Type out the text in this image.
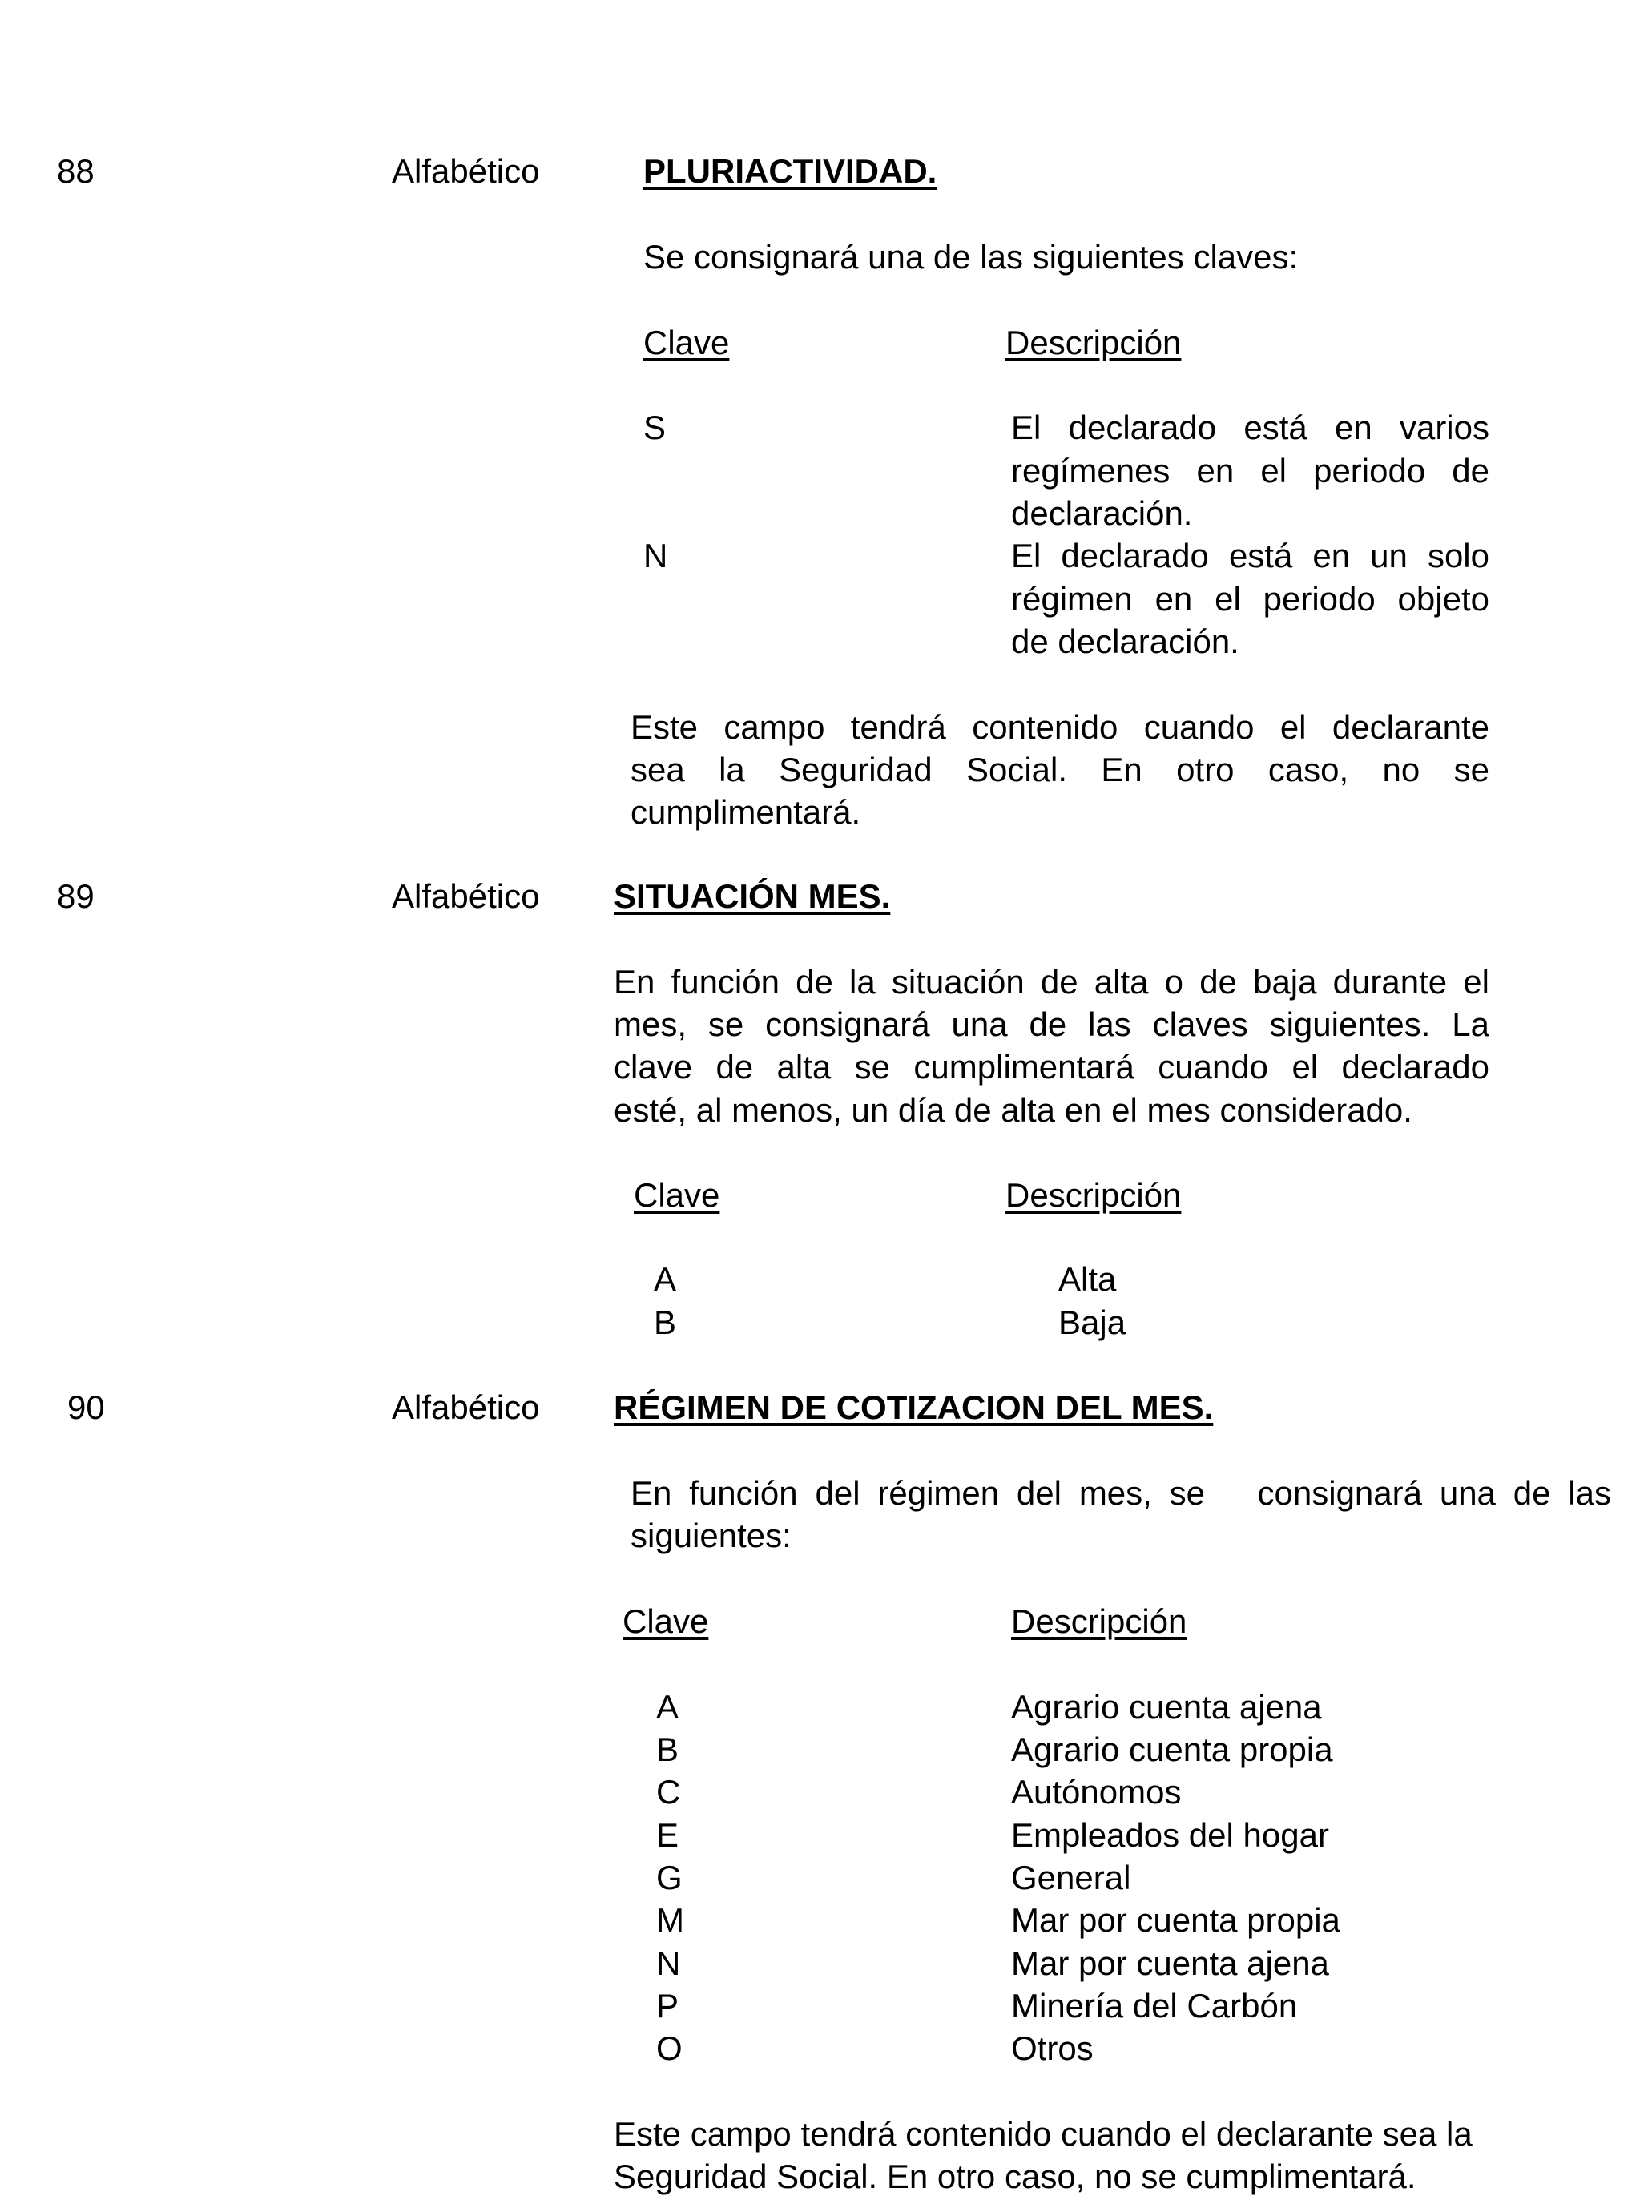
88	Alfabético	PLURIACTIVIDAD.
Se consignará una de las siguientes claves:
Clave	Descripción
S	El declarado está en varios
regímenes en el periodo de
declaración.
N	El declarado está en un solo
régimen en el periodo objeto
de declaración.
Este campo tendrá contenido cuando el declarante
sea la Seguridad Social. En otro caso, no se
cumplimentará.
89	Alfabético SITUACIÓN MES.
En función de la situación de alta o de baja durante el
mes, se consignará una de las claves siguientes. La
clave de alta se cumplimentará cuando el declarado
esté, al menos, un día de alta en el mes considerado.
Clave	Descripción
A	Alta
B	Baja
90	Alfabético RÉGIMEN DE COTIZACION DEL MES.
En función del régimen del mes, se   consignará una de las
siguientes:
Clave	Descripción
A	Agrario cuenta ajena
B	Agrario cuenta propia
C	Autónomos
E	Empleados del hogar
G	General
M	Mar por cuenta propia
N	Mar por cuenta ajena
P	Minería del Carbón
O	Otros
Este campo tendrá contenido cuando el declarante sea la
Seguridad Social. En otro caso, no se cumplimentará.
